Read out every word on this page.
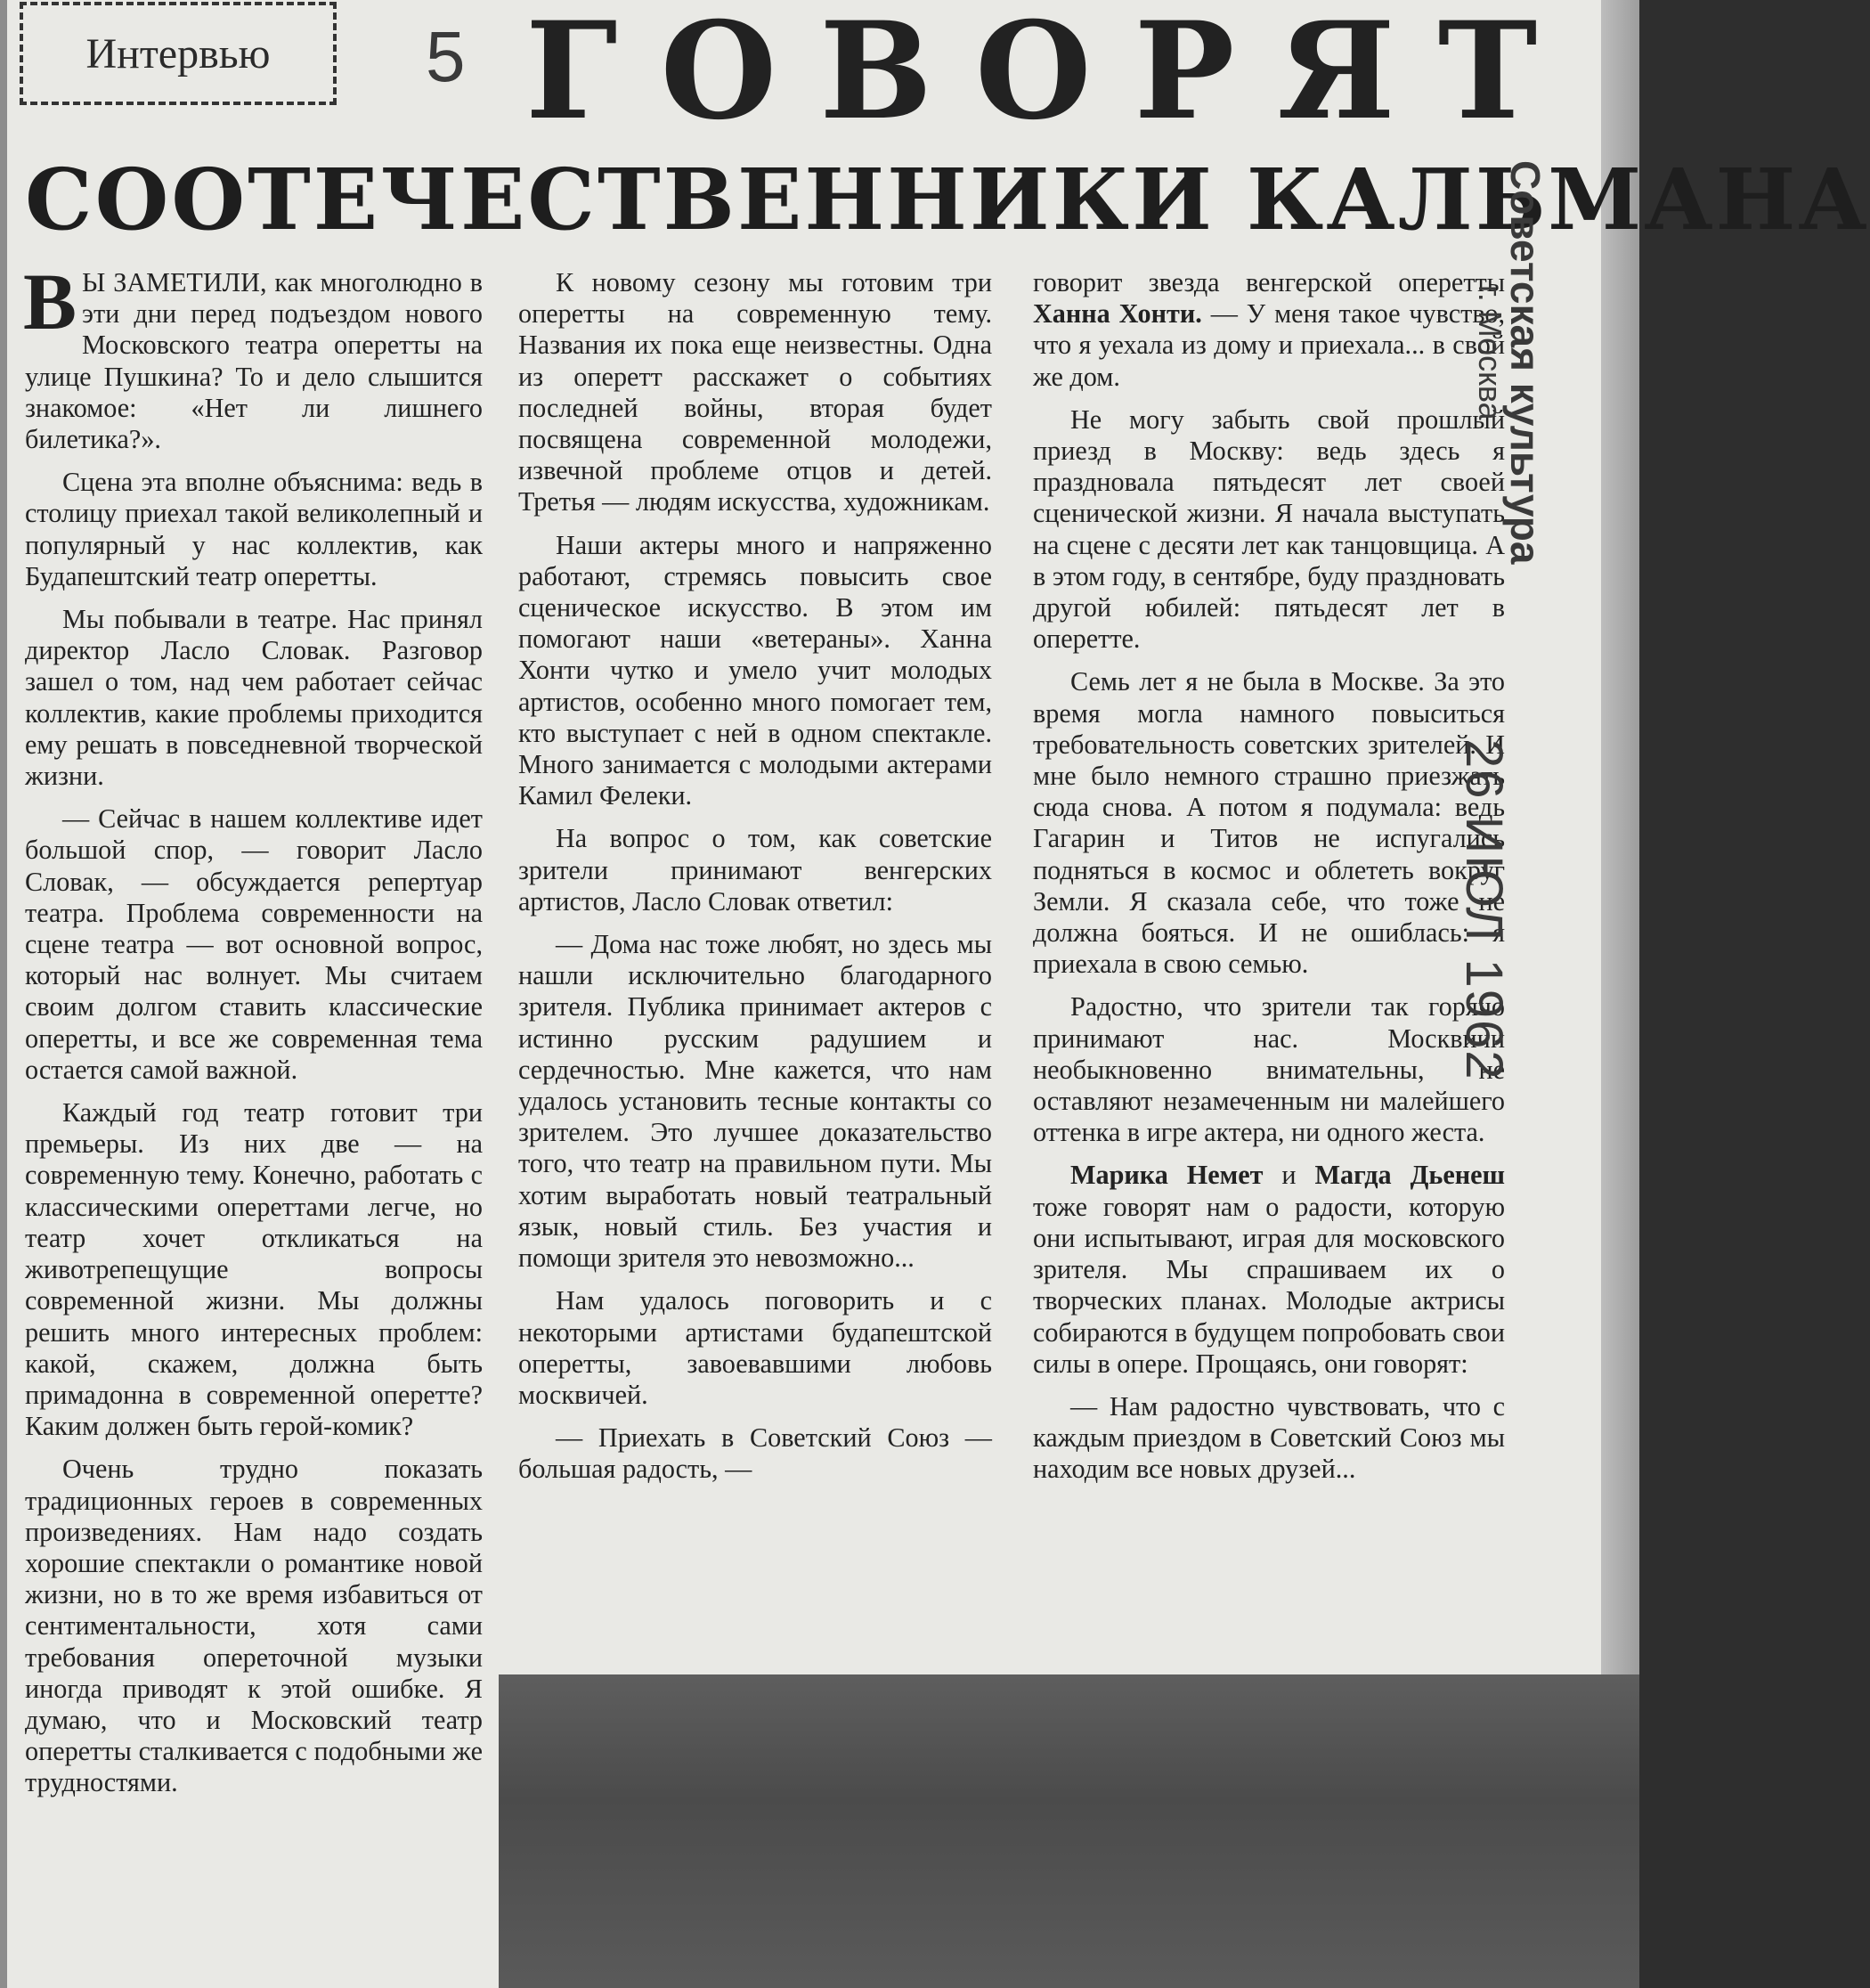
Интервью	5 ГОВОРЯТ
СООТЕЧЕСТВЕННИКИ КАЛЬМАНА

В Ы ЗАМЕТИЛИ, как многолюдно в эти дни перед подъездом нового Московского театра оперетты на улице Пушкина? То и дело слышится знакомое: «Нет ли лишнего билетика?».

Сцена эта вполне объяснима: ведь в столицу приехал такой великолепный и популярный у нас коллектив, как Будапештский театр оперетты.

Мы побывали в театре. Нас принял директор Ласло Словак. Разговор зашел о том, над чем работает сейчас коллектив, какие проблемы приходится ему решать в повседневной творческой жизни.

— Сейчас в нашем коллективе идет большой спор, — говорит Ласло Словак, — обсуждается репертуар театра. Проблема современности на сцене театра — вот основной вопрос, который нас волнует. Мы считаем своим долгом ставить классические оперетты, и все же современная тема остается самой важной.

Каждый год театр готовит три премьеры. Из них две — на современную тему. Конечно, работать с классическими опереттами легче, но театр хочет откликаться на животрепещущие вопросы современной жизни. Мы должны решить много интересных проблем: какой, скажем, должна быть примадонна в современной оперетте? Каким должен быть герой-комик?

Очень трудно показать традиционных героев в современных произведениях. Нам надо создать хорошие спектакли о романтике новой жизни, но в то же время избавиться от сентиментальности, хотя сами требования опереточной музыки иногда приводят к этой ошибке. Я думаю, что и Московский театр оперетты сталкивается с подобными же трудностями.

К новому сезону мы готовим три оперетты на современную тему. Названия их пока еще неизвестны. Одна из оперетт расскажет о событиях последней войны, вторая будет посвящена современной молодежи, извечной проблеме отцов и детей. Третья — людям искусства, художникам.

Наши актеры много и напряженно работают, стремясь повысить свое сценическое искусство. В этом им помогают наши «ветераны». Ханна Хонти чутко и умело учит молодых артистов, особенно много помогает тем, кто выступает с ней в одном спектакле. Много занимается с молодыми актерами Камил Фелеки.

На вопрос о том, как советские зрители принимают венгерских артистов, Ласло Словак ответил:

— Дома нас тоже любят, но здесь мы нашли исключительно благодарного зрителя. Публика принимает актеров с истинно русским радушием и сердечностью. Мне кажется, что нам удалось установить тесные контакты со зрителем. Это лучшее доказательство того, что театр на правильном пути. Мы хотим выработать новый театральный язык, новый стиль. Без участия и помощи зрителя это невозможно...

Нам удалось поговорить и с некоторыми артистами будапештской оперетты, завоевавшими любовь москвичей.

— Приехать в Советский Союз — большая радость, —

говорит звезда венгерской оперетты Ханна Хонти. — У меня такое чувство, что я уехала из дому и приехала... в свой же дом.

Не могу забыть свой прошлый приезд в Москву: ведь здесь я праздновала пятьдесят лет своей сценической жизни. Я начала выступать на сцене с десяти лет как танцовщица. А в этом году, в сентябре, буду праздновать другой юбилей: пятьдесят лет в оперетте.

Семь лет я не была в Москве. За это время могла намного повыситься требовательность советских зрителей. И мне было немного страшно приезжать сюда снова. А потом я подумала: ведь Гагарин и Титов не испугались подняться в космос и облететь вокруг Земли. Я сказала себе, что тоже не должна бояться. И не ошиблась: я приехала в свою семью.

Радостно, что зрители так горячо принимают нас. Москвичи необыкновенно внимательны, не оставляют незамеченным ни малейшего оттенка в игре актера, ни одного жеста.

Марика Немет и Магда Дьенеш тоже говорят нам о радости, которую они испытывают, играя для московского зрителя. Мы спрашиваем их о творческих планах. Молодые актрисы собираются в будущем попробовать свои силы в опере. Прощаясь, они говорят:

— Нам радостно чувствовать, что с каждым приездом в Советский Союз мы находим все новых друзей...

Советская культура
г. Москва
26 ИЮЛ 1962
